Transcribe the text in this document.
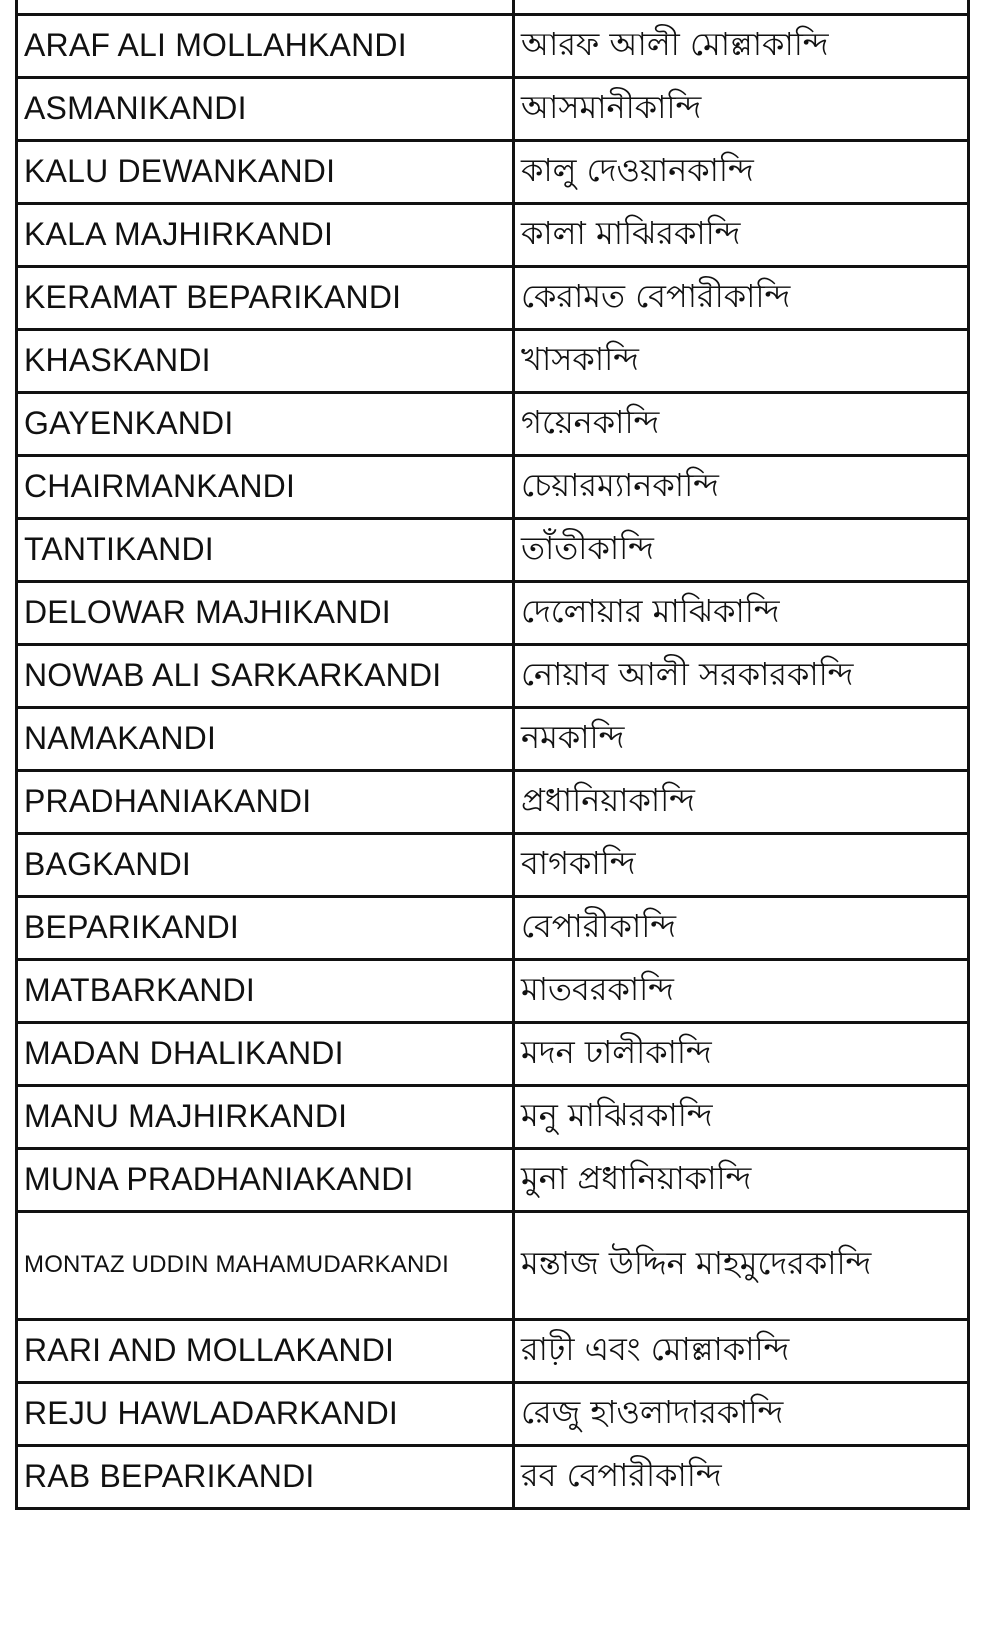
ARAF ALI MOLLAHKANDI	আরফ আলী মোল্লাকান্দি
ASMANIKANDI	আসমানীকান্দি
KALU DEWANKANDI	কালু দেওয়ানকান্দি
KALA MAJHIRKANDI	কালা মাঝিরকান্দি
KERAMAT BEPARIKANDI	কেরামত বেপারীকান্দি
KHASKANDI	খাসকান্দি
GAYENKANDI	গয়েনকান্দি
CHAIRMANKANDI	চেয়ারম্যানকান্দি
TANTIKANDI	তাঁতীকান্দি
DELOWAR MAJHIKANDI	দেলোয়ার মাঝিকান্দি
NOWAB ALI SARKARKANDI	নোয়াব আলী সরকারকান্দি
NAMAKANDI	নমকান্দি
PRADHANIAKANDI	প্রধানিয়াকান্দি
BAGKANDI	বাগকান্দি
BEPARIKANDI	বেপারীকান্দি
MATBARKANDI	মাতবরকান্দি
MADAN DHALIKANDI	মদন ঢালীকান্দি
MANU MAJHIRKANDI	মনু মাঝিরকান্দি
MUNA PRADHANIAKANDI	মুনা প্রধানিয়াকান্দি
MONTAZ UDDIN MAHAMUDARKANDI	মন্তাজ উদ্দিন মাহমুদেরকান্দি
RARI AND MOLLAKANDI	রাঢ়ী এবং মোল্লাকান্দি
REJU HAWLADARKANDI	রেজু হাওলাদারকান্দি
RAB BEPARIKANDI	রব বেপারীকান্দি
